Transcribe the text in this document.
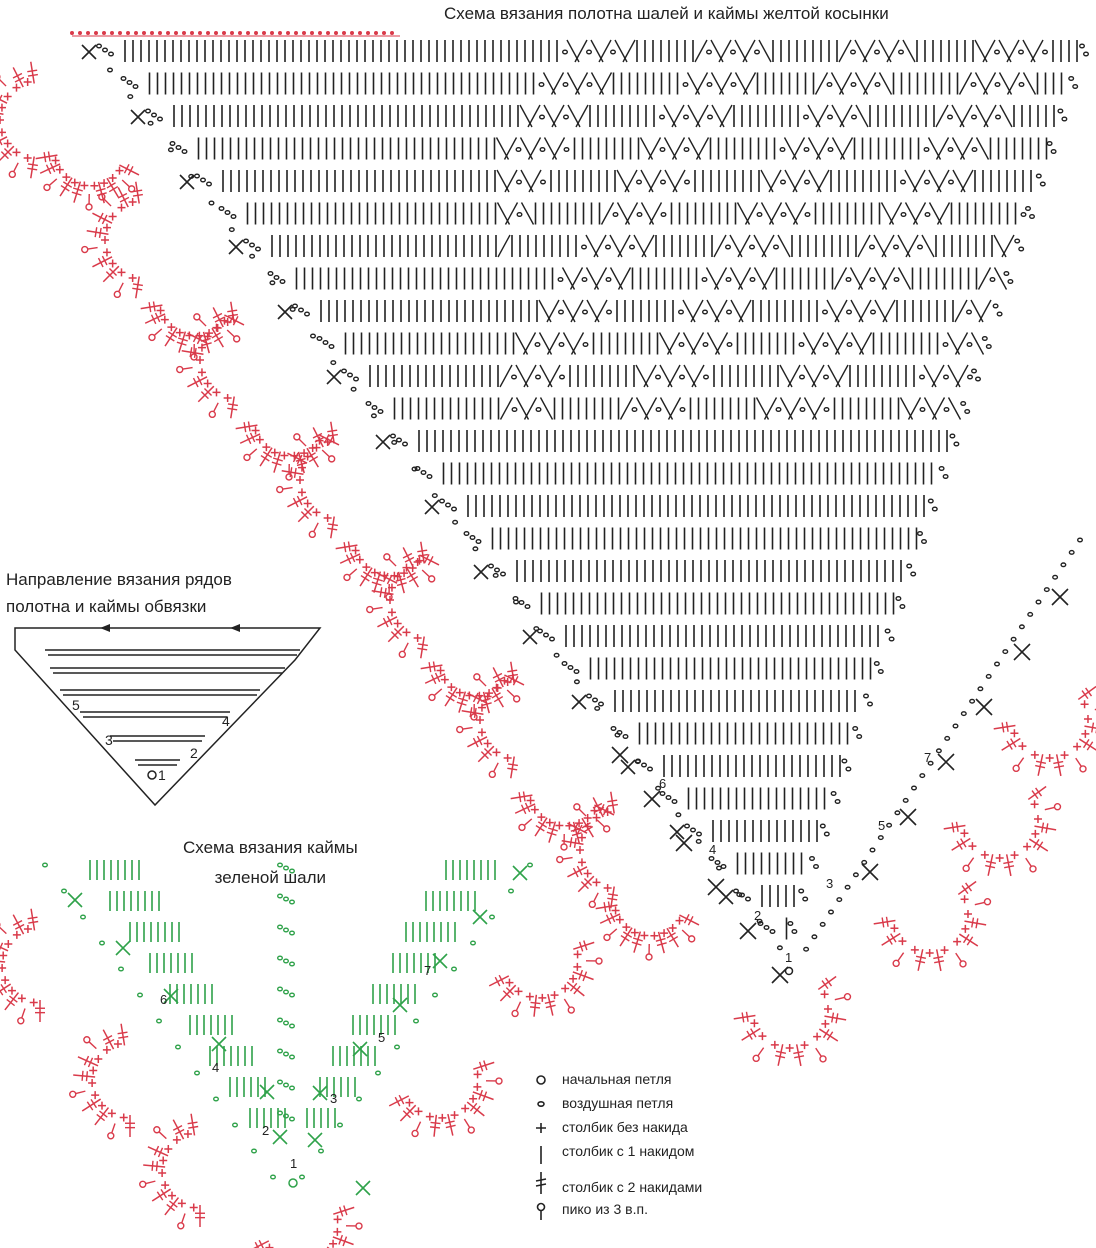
1
2
3
4
5
6
7
1
2
3
4
5
1
2
3
4
5
6
7
Схема вязания полотна шалей и каймы желтой косынки
Направление вязания рядов
полотна и каймы обвязки
Схема вязания каймы
зеленой шали
начальная петля
воздушная петля
столбик без накида
столбик с 1 накидом
столбик с 2 накидами
пико из 3 в.п.
